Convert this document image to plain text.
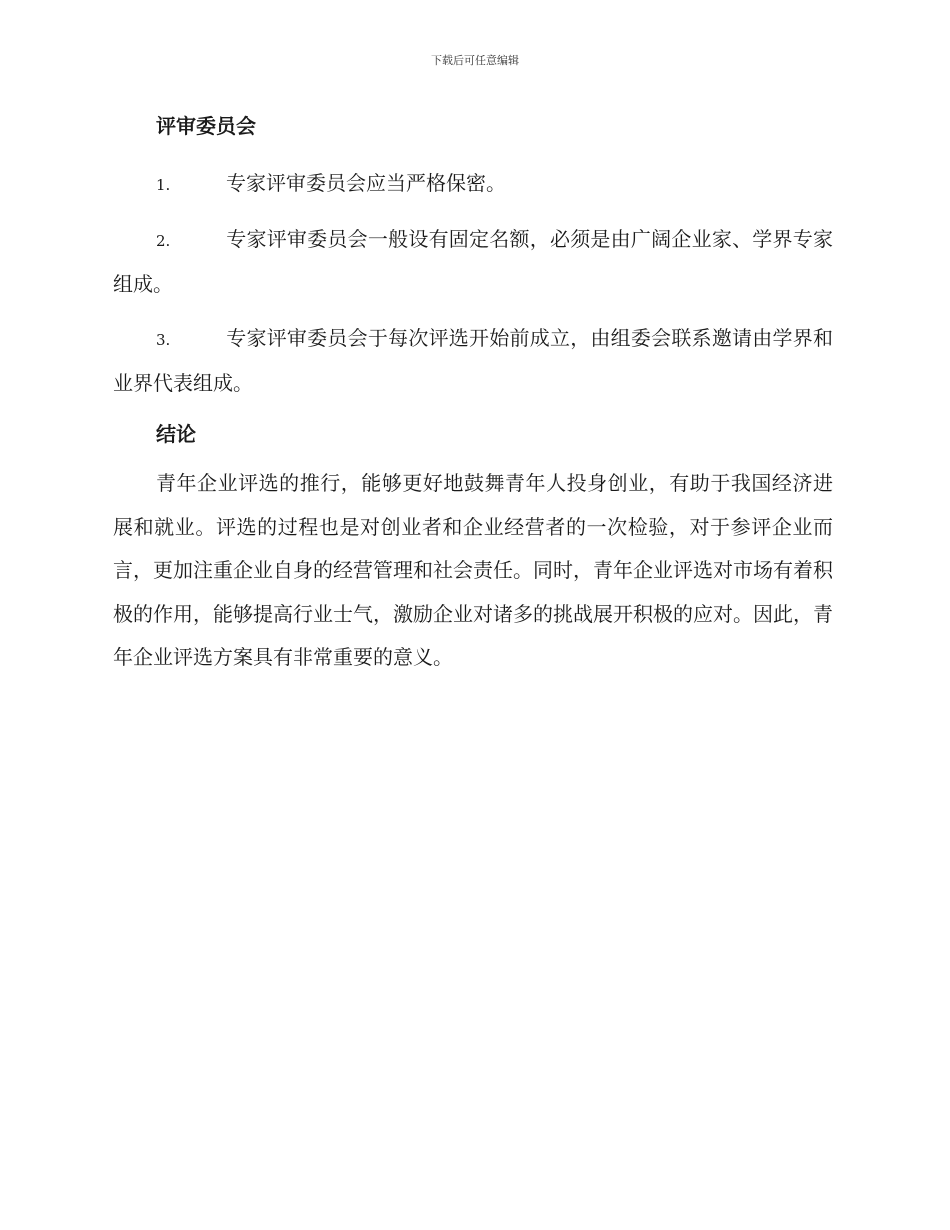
下载后可任意编辑
评审委员会
1.	专家评审委员会应当严格保密。
2.	专家评审委员会一般设有固定名额，必须是由广阔企业家、学界专家组成。
3.	专家评审委员会于每次评选开始前成立，由组委会联系邀请由学界和业界代表组成。
结论

青年企业评选的推行，能够更好地鼓舞青年人投身创业，有助于我国经济进展和就业。评选的过程也是对创业者和企业经营者的一次检验，对于参评企业而言，更加注重企业自身的经营管理和社会责任。同时，青年企业评选对市场有着积极的作用，能够提高行业士气，激励企业对诸多的挑战展开积极的应对。因此，青年企业评选方案具有非常重要的意义。
